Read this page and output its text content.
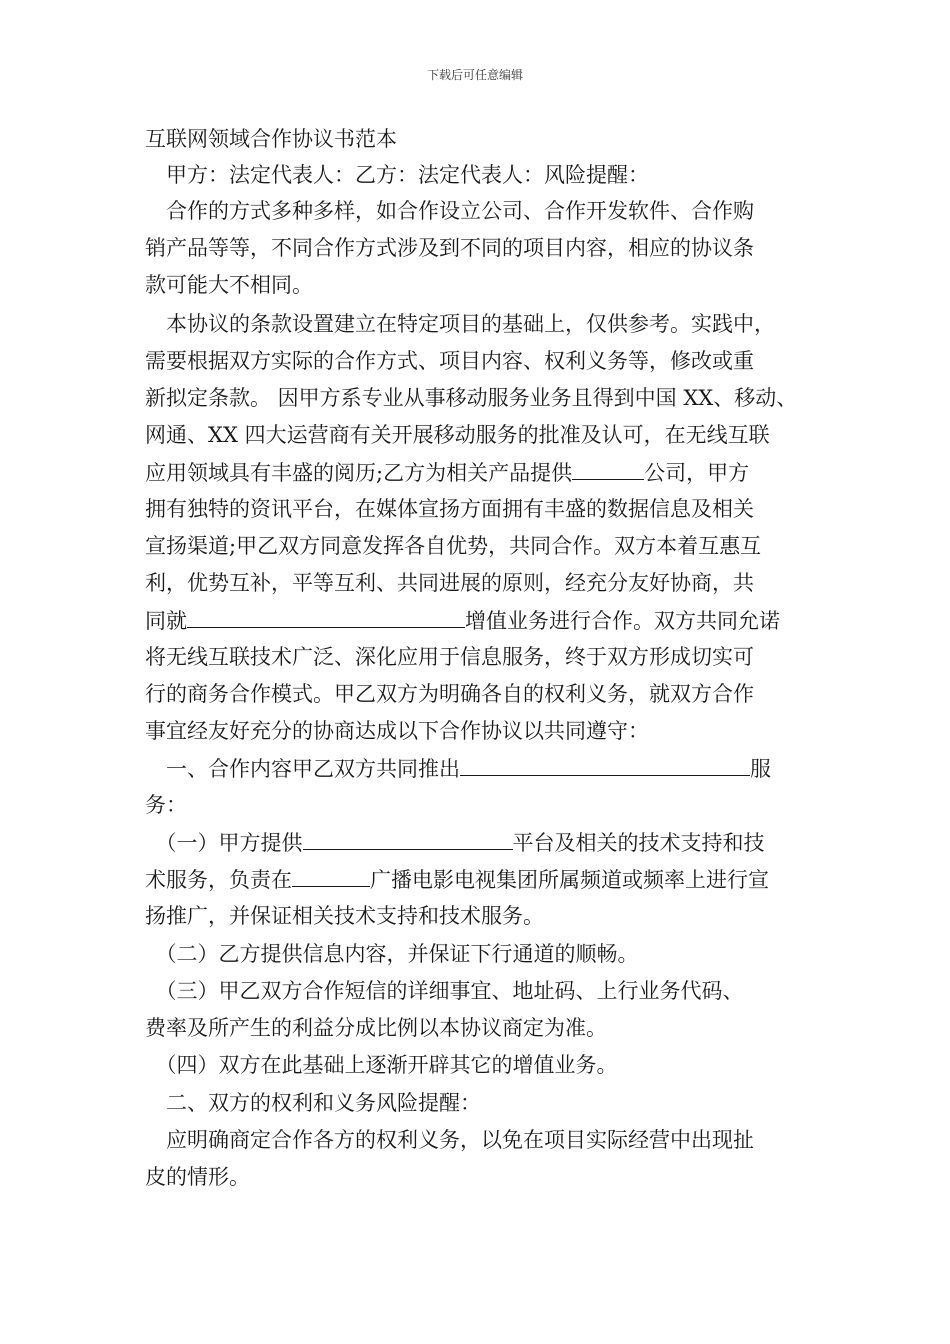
下载后可任意编辑
互联网领域合作协议书范本
　甲方：法定代表人：乙方：法定代表人：风险提醒：
　合作的方式多种多样，如合作设立公司、合作开发软件、合作购
销产品等等，不同合作方式涉及到不同的项目内容，相应的协议条
款可能大不相同。
　本协议的条款设置建立在特定项目的基础上，仅供参考。实践中，
需要根据双方实际的合作方式、项目内容、权利义务等，修改或重
新拟定条款。 因甲方系专业从事移动服务业务且得到中国 XX、移动、
网通、XX 四大运营商有关开展移动服务的批准及认可，在无线互联
应用领域具有丰盛的阅历;乙方为相关产品提供	公司，甲方
拥有独特的资讯平台，在媒体宣扬方面拥有丰盛的数据信息及相关
宣扬渠道;甲乙双方同意发挥各自优势，共同合作。双方本着互惠互
利，优势互补，平等互利、共同进展的原则，经充分友好协商，共
同就	增值业务进行合作。双方共同允诺
将无线互联技术广泛、深化应用于信息服务，终于双方形成切实可
行的商务合作模式。甲乙双方为明确各自的权利义务，就双方合作
事宜经友好充分的协商达成以下合作协议以共同遵守：
　一、合作内容甲乙双方共同推出	服
务：
　（一）甲方提供	平台及相关的技术支持和技
术服务，负责在	广播电影电视集团所属频道或频率上进行宣
扬推广，并保证相关技术支持和技术服务。
　（二）乙方提供信息内容，并保证下行通道的顺畅。
　（三）甲乙双方合作短信的详细事宜、地址码、上行业务代码、
费率及所产生的利益分成比例以本协议商定为准。
　（四）双方在此基础上逐渐开辟其它的增值业务。
　二、双方的权利和义务风险提醒：
　应明确商定合作各方的权利义务，以免在项目实际经营中出现扯
皮的情形。
